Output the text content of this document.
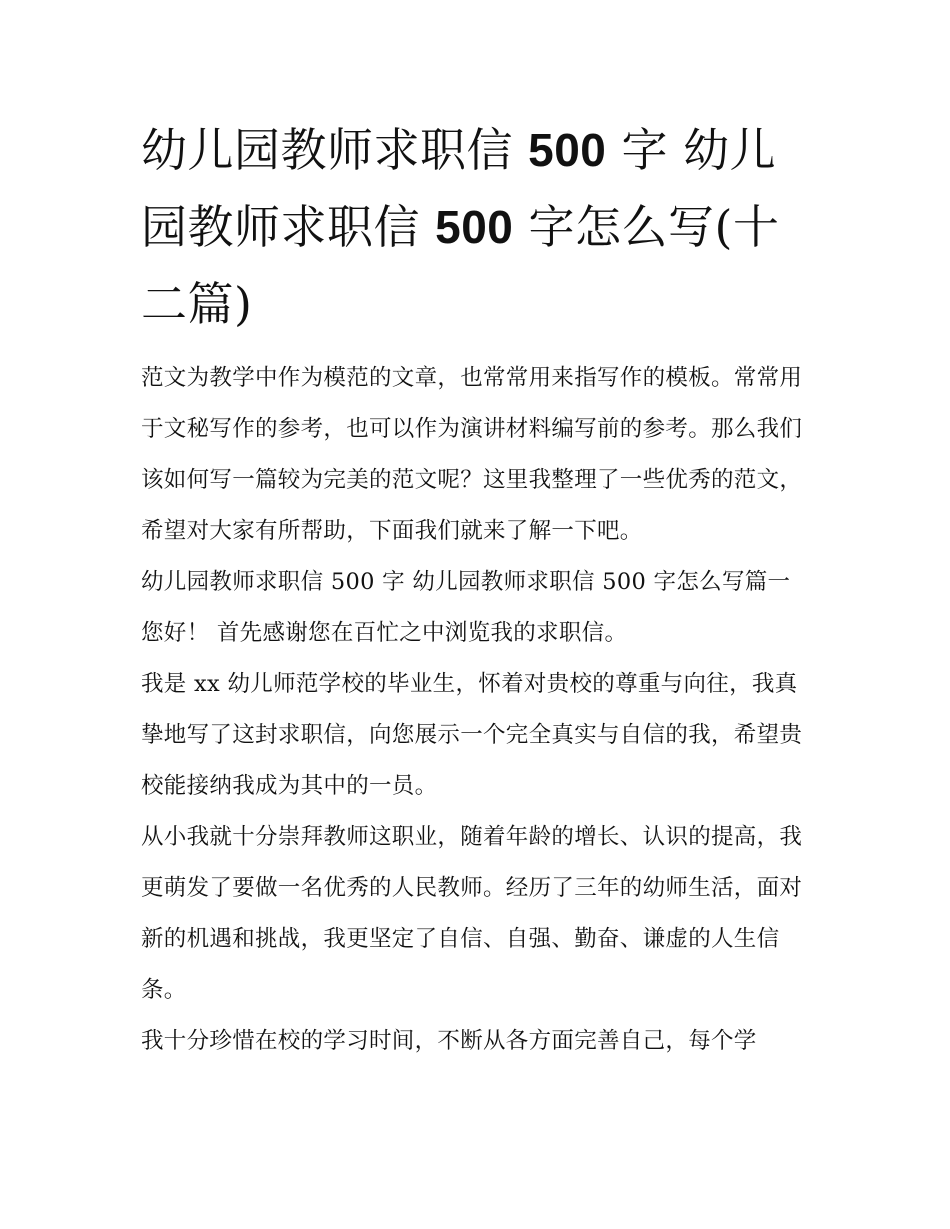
幼儿园教师求职信 500 字 幼儿园教师求职信 500 字怎么写(十二篇)

范文为教学中作为模范的文章，也常常用来指写作的模板。常常用于文秘写作的参考，也可以作为演讲材料编写前的参考。那么我们该如何写一篇较为完美的范文呢？这里我整理了一些优秀的范文，希望对大家有所帮助，下面我们就来了解一下吧。

幼儿园教师求职信 500 字 幼儿园教师求职信 500 字怎么写篇一 您好！ 首先感谢您在百忙之中浏览我的求职信。

我是 xx 幼儿师范学校的毕业生，怀着对贵校的尊重与向往，我真挚地写了这封求职信，向您展示一个完全真实与自信的我，希望贵校能接纳我成为其中的一员。

从小我就十分崇拜教师这职业，随着年龄的增长、认识的提高，我更萌发了要做一名优秀的人民教师。经历了三年的幼师生活，面对新的机遇和挑战，我更坚定了自信、自强、勤奋、谦虚的人生信条。

我十分珍惜在校的学习时间，不断从各方面完善自己，每个学
